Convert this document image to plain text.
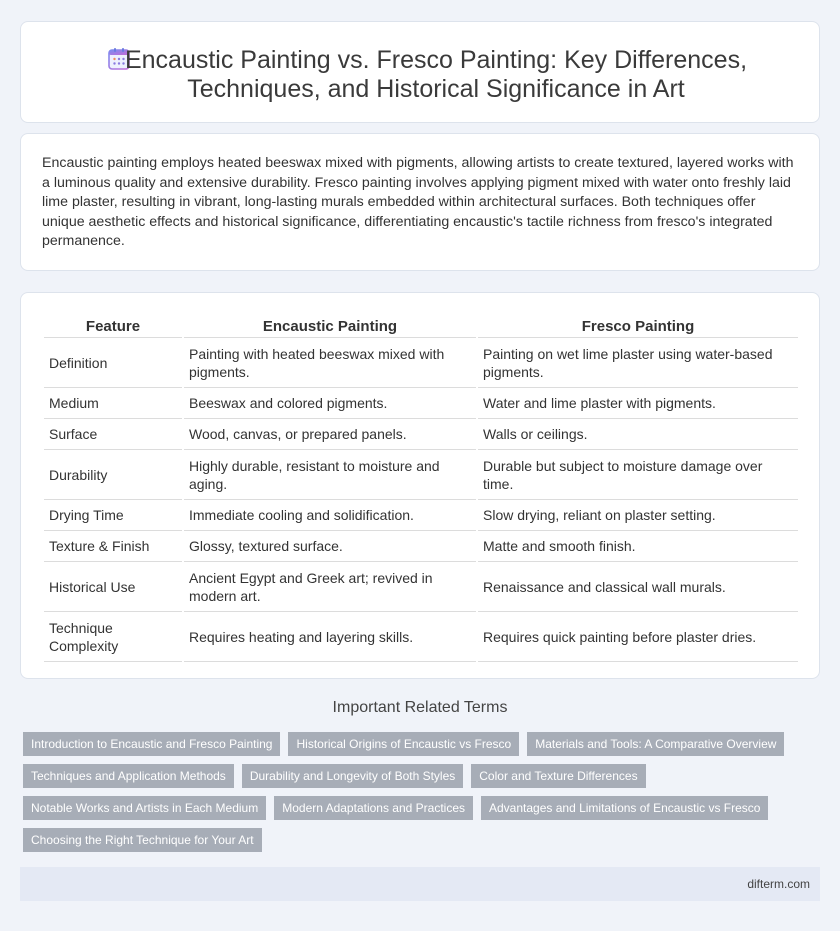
Encaustic Painting vs. Fresco Painting: Key Differences, Techniques, and Historical Significance in Art

Encaustic painting employs heated beeswax mixed with pigments, allowing artists to create textured, layered works with a luminous quality and extensive durability. Fresco painting involves applying pigment mixed with water onto freshly laid lime plaster, resulting in vibrant, long-lasting murals embedded within architectural surfaces. Both techniques offer unique aesthetic effects and historical significance, differentiating encaustic's tactile richness from fresco's integrated permanence.

Feature	Encaustic Painting	Fresco Painting
Definition	Painting with heated beeswax mixed with pigments.	Painting on wet lime plaster using water-based pigments.
Medium	Beeswax and colored pigments.	Water and lime plaster with pigments.
Surface	Wood, canvas, or prepared panels.	Walls or ceilings.
Durability	Highly durable, resistant to moisture and aging.	Durable but subject to moisture damage over time.
Drying Time	Immediate cooling and solidification.	Slow drying, reliant on plaster setting.
Texture & Finish	Glossy, textured surface.	Matte and smooth finish.
Historical Use	Ancient Egypt and Greek art; revived in modern art.	Renaissance and classical wall murals.
Technique Complexity	Requires heating and layering skills.	Requires quick painting before plaster dries.
Important Related Terms
Introduction to Encaustic and Fresco Painting	Historical Origins of Encaustic vs Fresco	Materials and Tools: A Comparative Overview
Techniques and Application Methods	Durability and Longevity of Both Styles	Color and Texture Differences
Notable Works and Artists in Each Medium	Modern Adaptations and Practices	Advantages and Limitations of Encaustic vs Fresco
Choosing the Right Technique for Your Art
difterm.com
